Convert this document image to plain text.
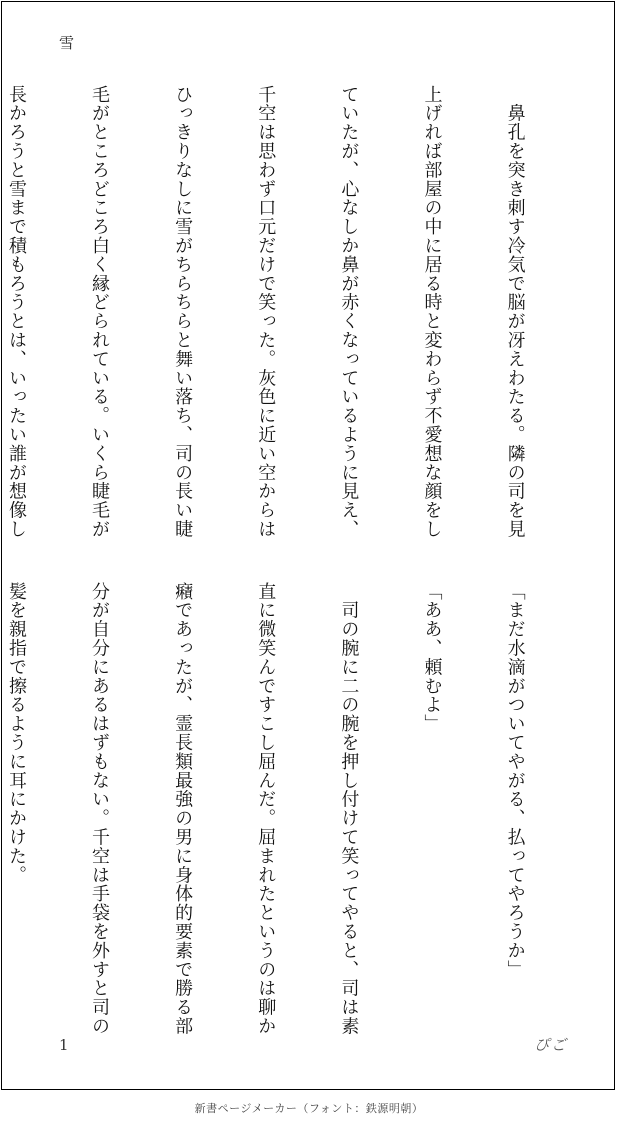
雪

　鼻孔を突き刺す冷気で脳が冴えわたる。隣の司を見

上げれば部屋の中に居る時と変わらず不愛想な顔をし

ていたが、心なしか鼻が赤くなっているように見え、

千空は思わず口元だけで笑った。灰色に近い空からは

ひっきりなしに雪がちらちらと舞い落ち、司の長い睫

毛がところどころ白く縁どられている。いくら睫毛が

長かろうと雪まで積もろうとは、いったい誰が想像し

「まだ水滴がついてやがる、払ってやろうか」

「ああ、頼むよ」

　司の腕に二の腕を押し付けて笑ってやると、司は素

直に微笑んですこし屈んだ。屈まれたというのは聊か

癪であったが、霊長類最強の男に身体的要素で勝る部

分が自分にあるはずもない。千空は手袋を外すと司の

髪を親指で擦るように耳にかけた。

1	ぴご
新書ページメーカー（フォント：鉄源明朝）
